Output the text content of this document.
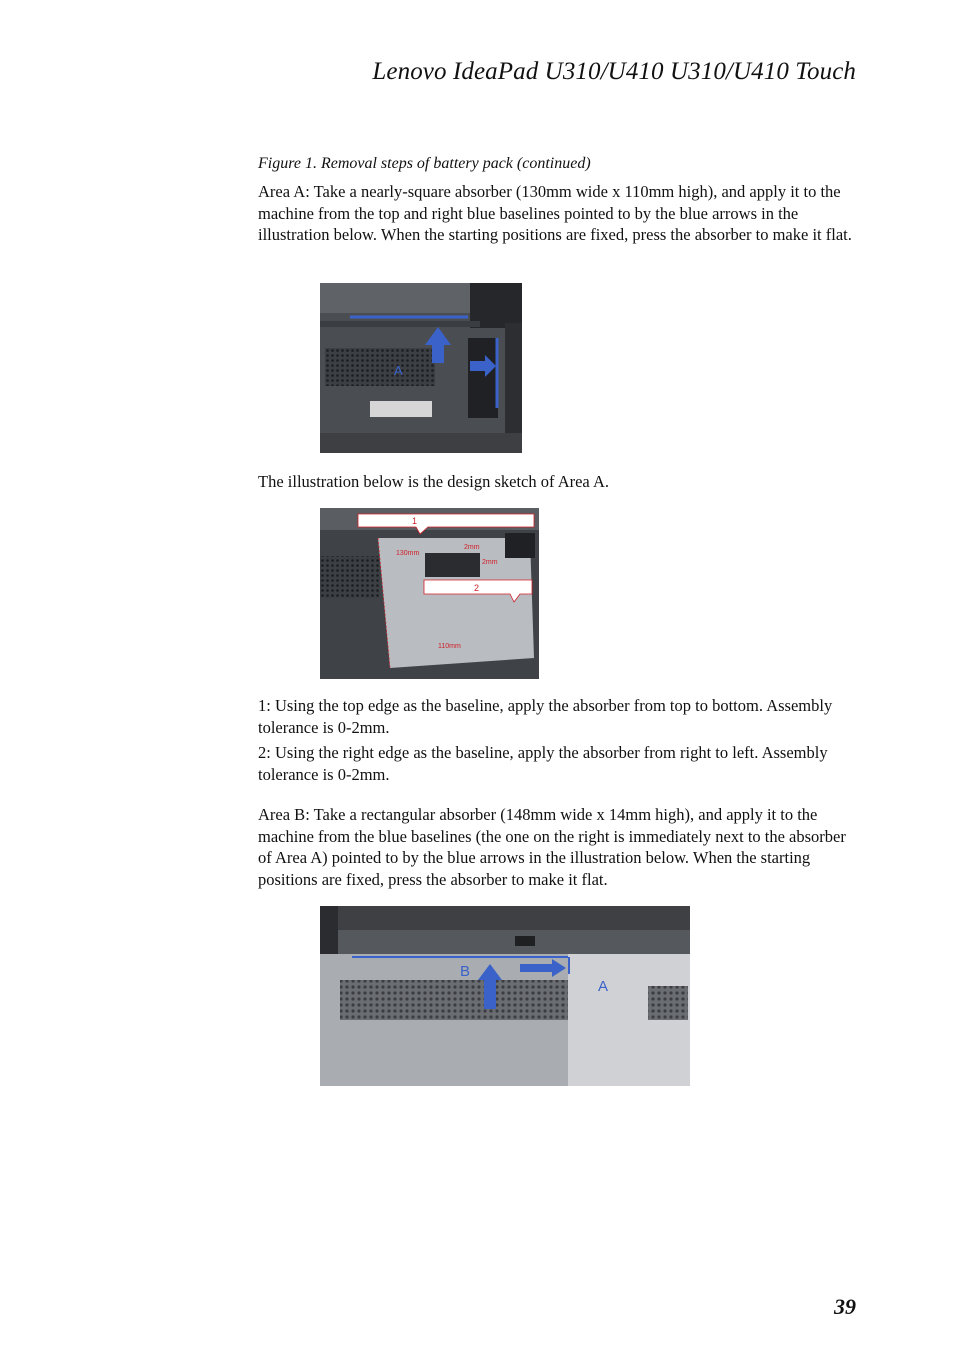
Lenovo IdeaPad U310/U410 U310/U410 Touch
Figure 1. Removal steps of battery pack (continued)

Area A: Take a nearly-square absorber (130mm wide x 110mm high), and apply it to the machine from the top and right blue baselines pointed to by the blue arrows in the illustration below. When the starting positions are fixed, press the absorber to make it flat.

A

The illustration below is the design sketch of Area A.

130mm
110mm
2mm
2mm
1
2

1: Using the top edge as the baseline, apply the absorber from top to bottom. Assembly tolerance is 0-2mm.

2: Using the right edge as the baseline, apply the absorber from right to left. Assembly tolerance is 0-2mm.

Area B: Take a rectangular absorber (148mm wide x 14mm high), and apply it to the machine from the blue baselines (the one on the right is immediately next to the absorber of Area A) pointed to by the blue arrows in the illustration below. When the starting positions are fixed, press the absorber to make it flat.

B
A
39
